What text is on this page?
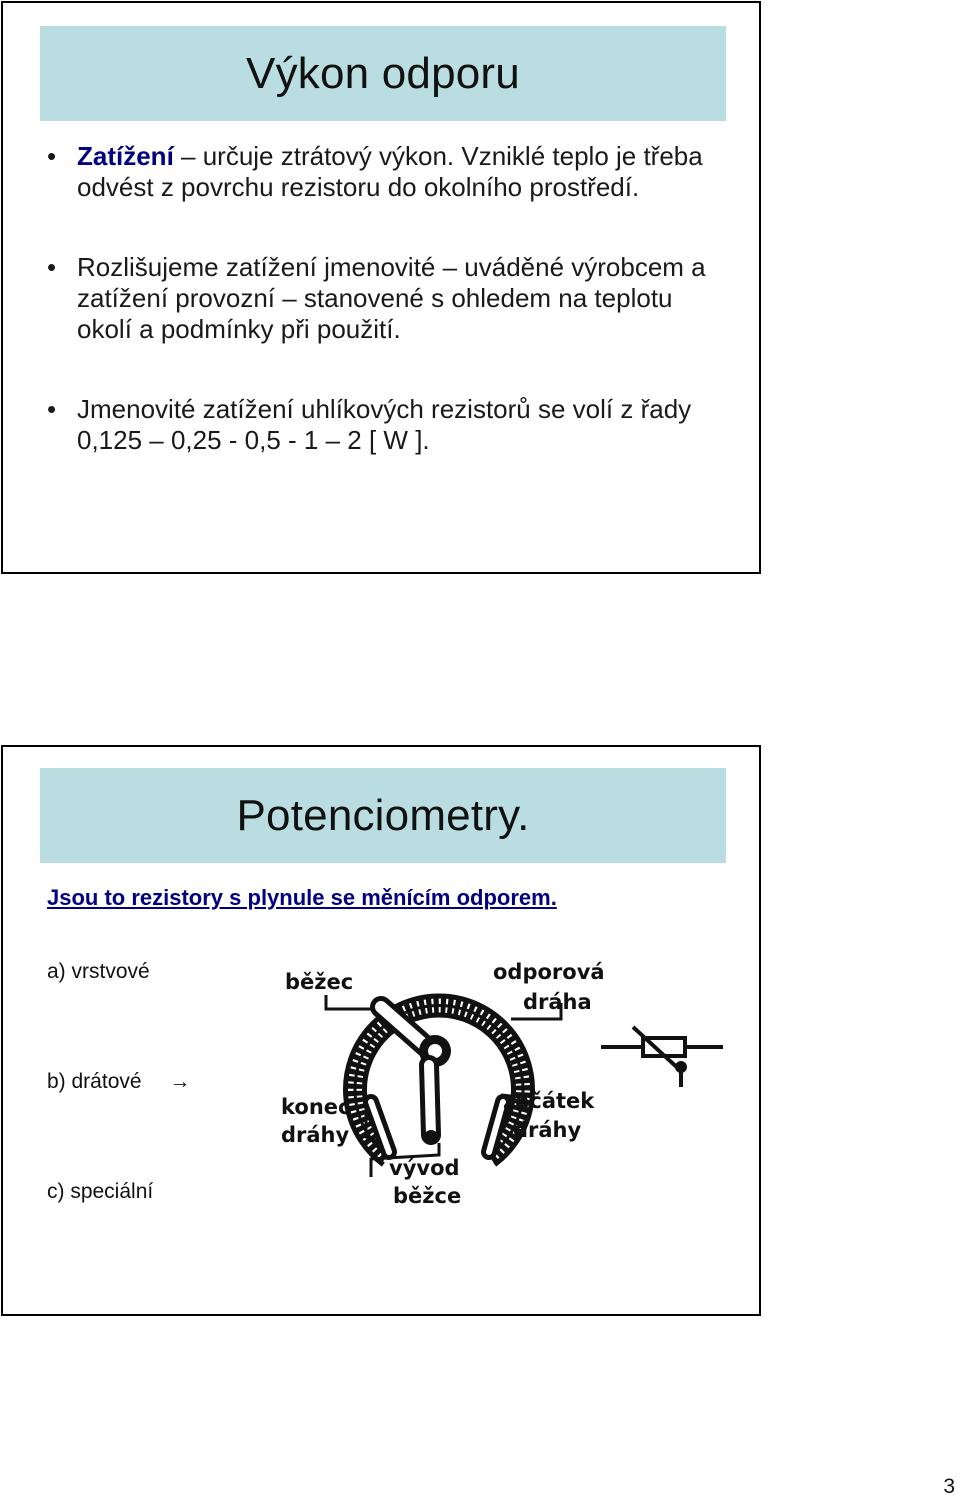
Výkon odporu
• Zatížení – určuje ztrátový výkon. Vzniklé teplo je třeba odvést z povrchu rezistoru do okolního prostředí.
• Rozlišujeme zatížení jmenovité – uváděné výrobcem a zatížení provozní – stanovené s ohledem na teplotu okolí a podmínky při použití.
• Jmenovité zatížení uhlíkových rezistorů se volí z řady 0,125 – 0,25 - 0,5 - 1 – 2 [ W ].
Potenciometry.
Jsou to rezistory s plynule se měnícím odporem.
a) vrstvové
b) drátové →
c) speciální
běžec	odporová
dráha
konec
dráhy
začátek
dráhy
vývod
běžce
3
